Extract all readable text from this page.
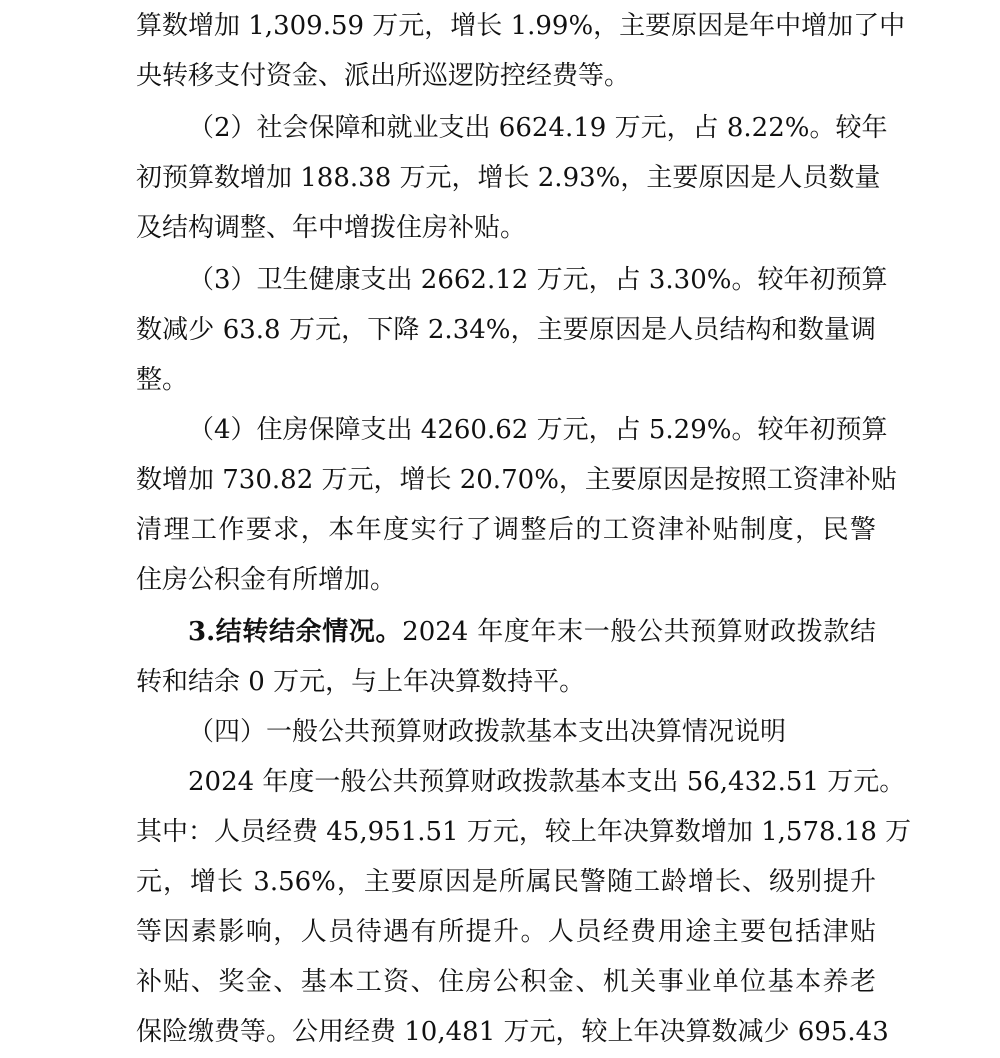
算数增加 1,309.59 万元，增长 1.99%，主要原因是年中增加了中
央转移支付资金、派出所巡逻防控经费等。
（2）社会保障和就业支出 6624.19 万元，占 8.22%。较年
初预算数增加 188.38 万元，增长 2.93%，主要原因是人员数量
及结构调整、年中增拨住房补贴。
（3）卫生健康支出 2662.12 万元，占 3.30%。较年初预算
数减少 63.8 万元，下降 2.34%，主要原因是人员结构和数量调
整。
（4）住房保障支出 4260.62 万元，占 5.29%。较年初预算
数增加 730.82 万元，增长 20.70%，主要原因是按照工资津补贴
清理工作要求，本年度实行了调整后的工资津补贴制度，民警
住房公积金有所增加。
3.结转结余情况。2024 年度年末一般公共预算财政拨款结
转和结余 0 万元，与上年决算数持平。
（四）一般公共预算财政拨款基本支出决算情况说明
2024 年度一般公共预算财政拨款基本支出 56,432.51 万元。
其中：人员经费 45,951.51 万元，较上年决算数增加 1,578.18 万
元，增长 3.56%，主要原因是所属民警随工龄增长、级别提升
等因素影响，人员待遇有所提升。人员经费用途主要包括津贴
补贴、奖金、基本工资、住房公积金、机关事业单位基本养老
保险缴费等。公用经费 10,481 万元，较上年决算数减少 695.43
